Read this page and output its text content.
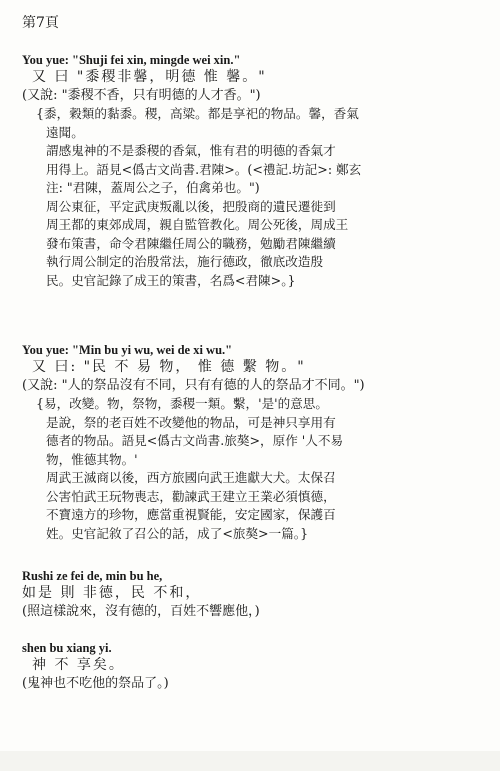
第7頁
You yue: "Shuji fei xin, mingde wei xin."
又 曰 "黍稷非馨，明德 惟 馨。"
(又說: "黍稷不香，只有明德的人才香。")

{黍，穀類的黏黍。稷，高粱。都是享祀的物品。馨，香氣

遠聞。

謂感鬼神的不是黍稷的香氣，惟有君的明德的香氣才

用得上。語見<僞古文尚書.君陳>。(<禮記.坊記>: 鄭玄

注: "君陳，蓋周公之子，伯禽弟也。")

周公東征，平定武庚叛亂以後，把殷商的遺民遷徙到

周王都的東郊成周，親自監管教化。周公死後，周成王

發布策書，命令君陳繼任周公的職務，勉勵君陳繼續

執行周公制定的治殷常法，施行德政，徹底改造殷

民。史官記錄了成王的策書，名爲<君陳>。}

You yue: "Min bu yi wu, wei de xi wu."
又 曰: "民 不 易 物， 惟 德 繫 物。"
(又說: "人的祭品沒有不同，只有有德的人的祭品才不同。")

{易，改變。物，祭物，黍稷一類。繫，'是'的意思。

是說，祭的老百姓不改變他的物品，可是神只享用有

德者的物品。語見<僞古文尚書.旅獒>，原作 '人不易

物，惟德其物。'

周武王滅商以後，西方旅國向武王進獻大犬。太保召

公害怕武王玩物喪志，勸諫武王建立王業必須慎德，

不寶遠方的珍物，應當重視賢能，安定國家，保護百

姓。史官記敘了召公的話，成了<旅獒>一篇。}

Rushi ze fei de, min bu he,
如是 則 非德，民 不和，
(照這樣說來，沒有德的，百姓不響應他，)
shen bu xiang yi.
神 不 享矣。
(鬼神也不吃他的祭品了。)
